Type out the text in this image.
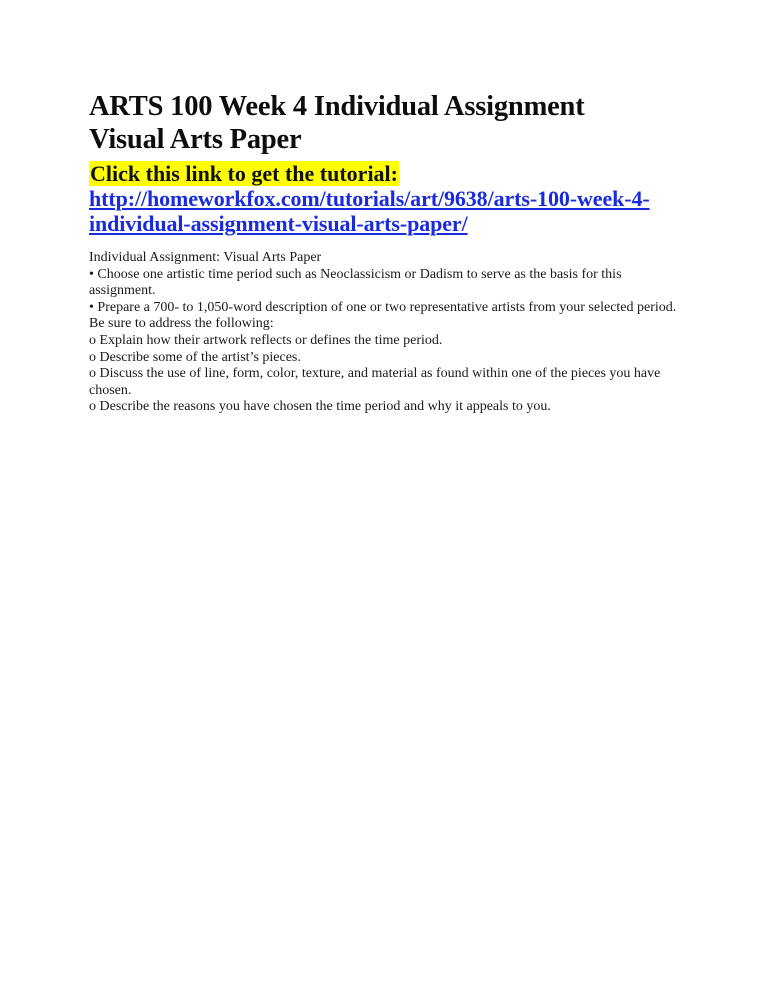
ARTS 100 Week 4 Individual Assignment
Visual Arts Paper
Click this link to get the tutorial:
http://homeworkfox.com/tutorials/art/9638/arts-100-week-4-
individual-assignment-visual-arts-paper/

Individual Assignment: Visual Arts Paper

• Choose one artistic time period such as Neoclassicism or Dadism to serve as the basis for this assignment.

• Prepare a 700- to 1,050-word description of one or two representative artists from your selected period.

Be sure to address the following:

o Explain how their artwork reflects or defines the time period.

o Describe some of the artist’s pieces.

o Discuss the use of line, form, color, texture, and material as found within one of the pieces you have chosen.

o Describe the reasons you have chosen the time period and why it appeals to you.
